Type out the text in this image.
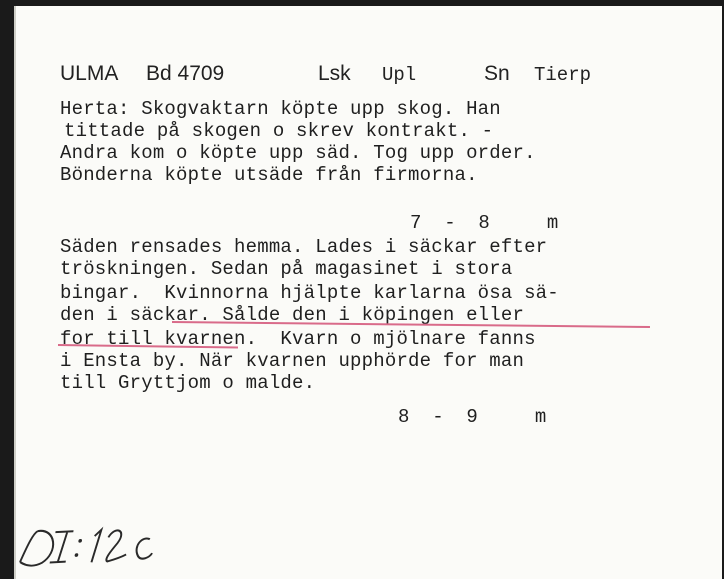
ULMA Bd 4709	Lsk Upl	Sn Tierp
Herta: Skogvaktarn köpte upp skog. Han
tittade på skogen o skrev kontrakt. -
Andra kom o köpte upp säd. Tog upp order.
Bönderna köpte utsäde från firmorna.
7  -  8     m
Säden rensades hemma. Lades i säckar efter
tröskningen. Sedan på magasinet i stora
bingar.  Kvinnorna hjälpte karlarna ösa sä-
den i säckar. Sålde den i köpingen eller
for till kvarnen.  Kvarn o mjölnare fanns
i Ensta by. När kvarnen upphörde for man
till Gryttjom o malde.
8  -  9     m
